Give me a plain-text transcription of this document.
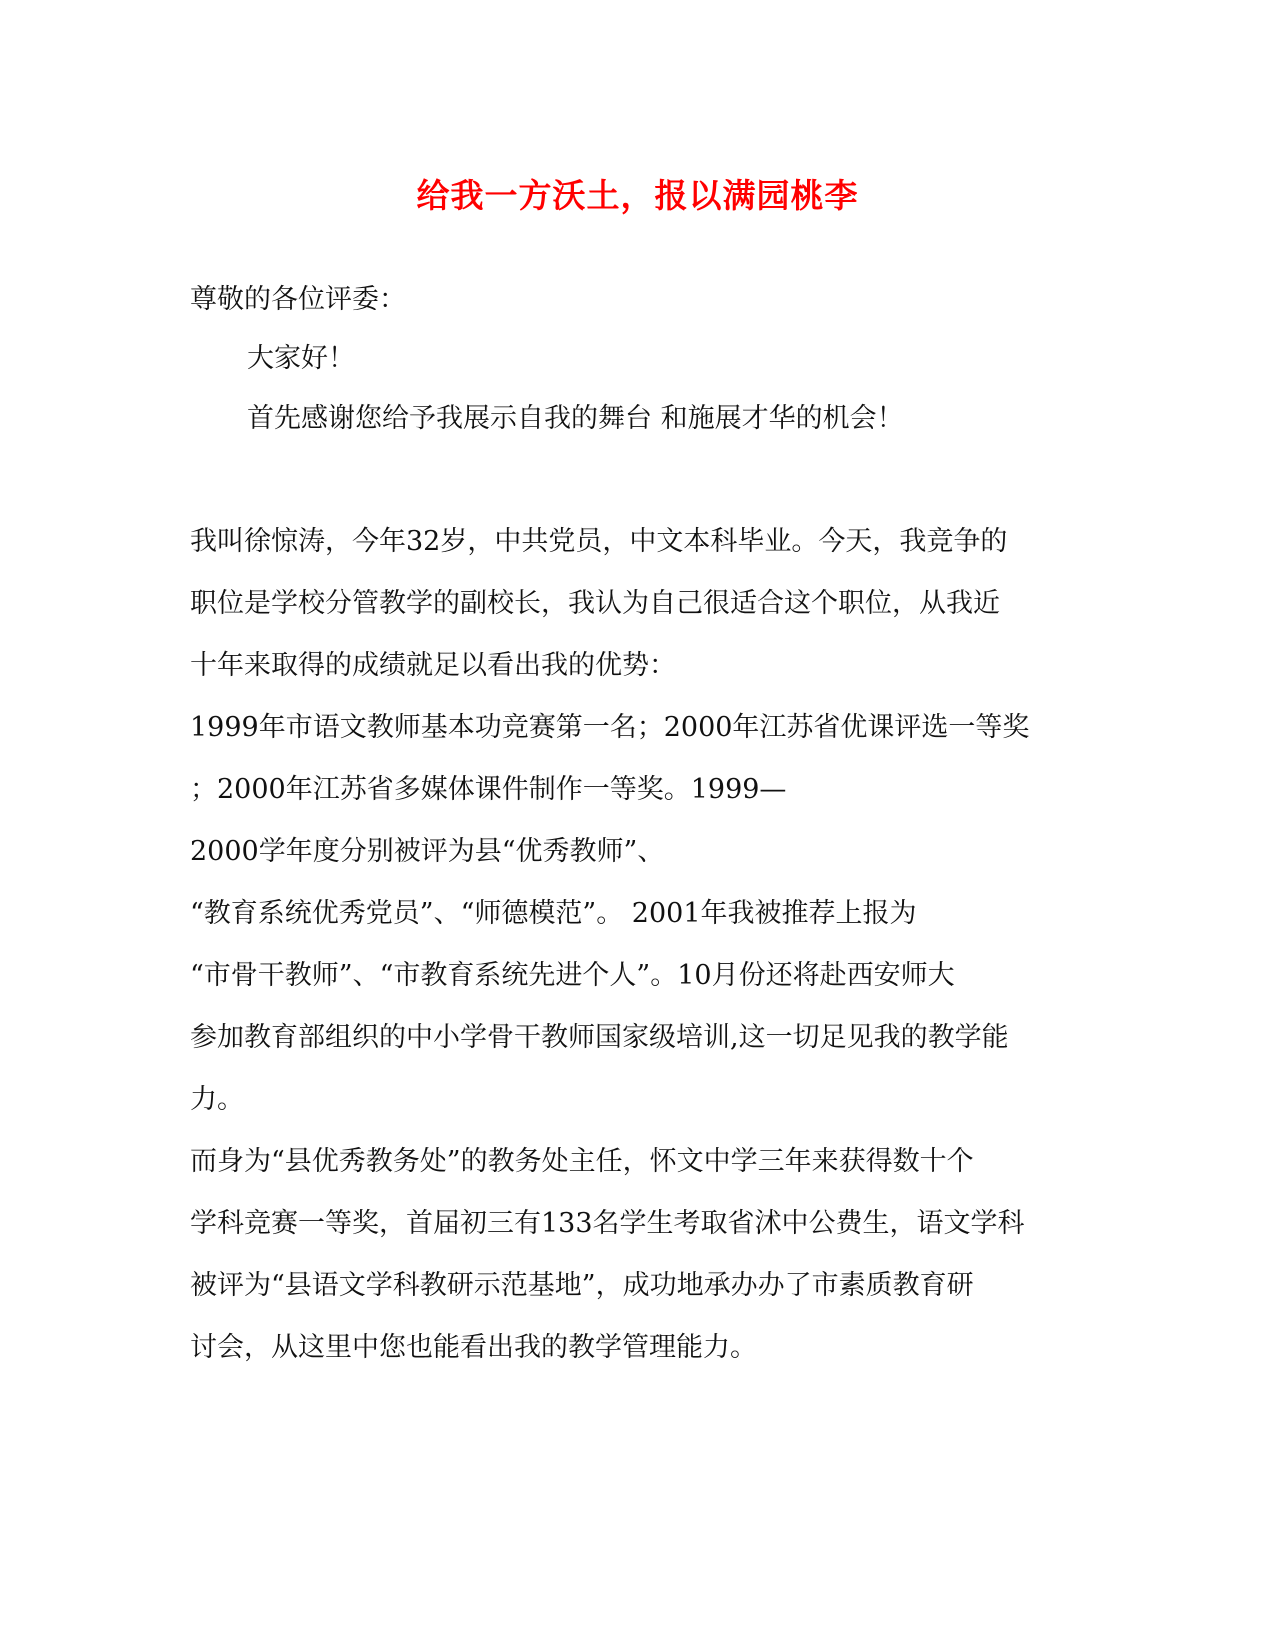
给我一方沃土，报以满园桃李
尊敬的各位评委：
大家好！
首先感谢您给予我展示自我的舞台 和施展才华的机会！
我叫徐惊涛，今年32岁，中共党员，中文本科毕业。今天，我竞争的
职位是学校分管教学的副校长，我认为自己很适合这个职位，从我近
十年来取得的成绩就足以看出我的优势：
1999年市语文教师基本功竞赛第一名；2000年江苏省优课评选一等奖
；2000年江苏省多媒体课件制作一等奖。1999—
2000学年度分别被评为县“优秀教师”、
“教育系统优秀党员”、“师德模范”。 2001年我被推荐上报为
“市骨干教师”、“市教育系统先进个人”。10月份还将赴西安师大
参加教育部组织的中小学骨干教师国家级培训,这一切足见我的教学能
力。
而身为“县优秀教务处”的教务处主任，怀文中学三年来获得数十个
学科竞赛一等奖，首届初三有133名学生考取省沭中公费生，语文学科
被评为“县语文学科教研示范基地”，成功地承办办了市素质教育研
讨会，从这里中您也能看出我的教学管理能力。
